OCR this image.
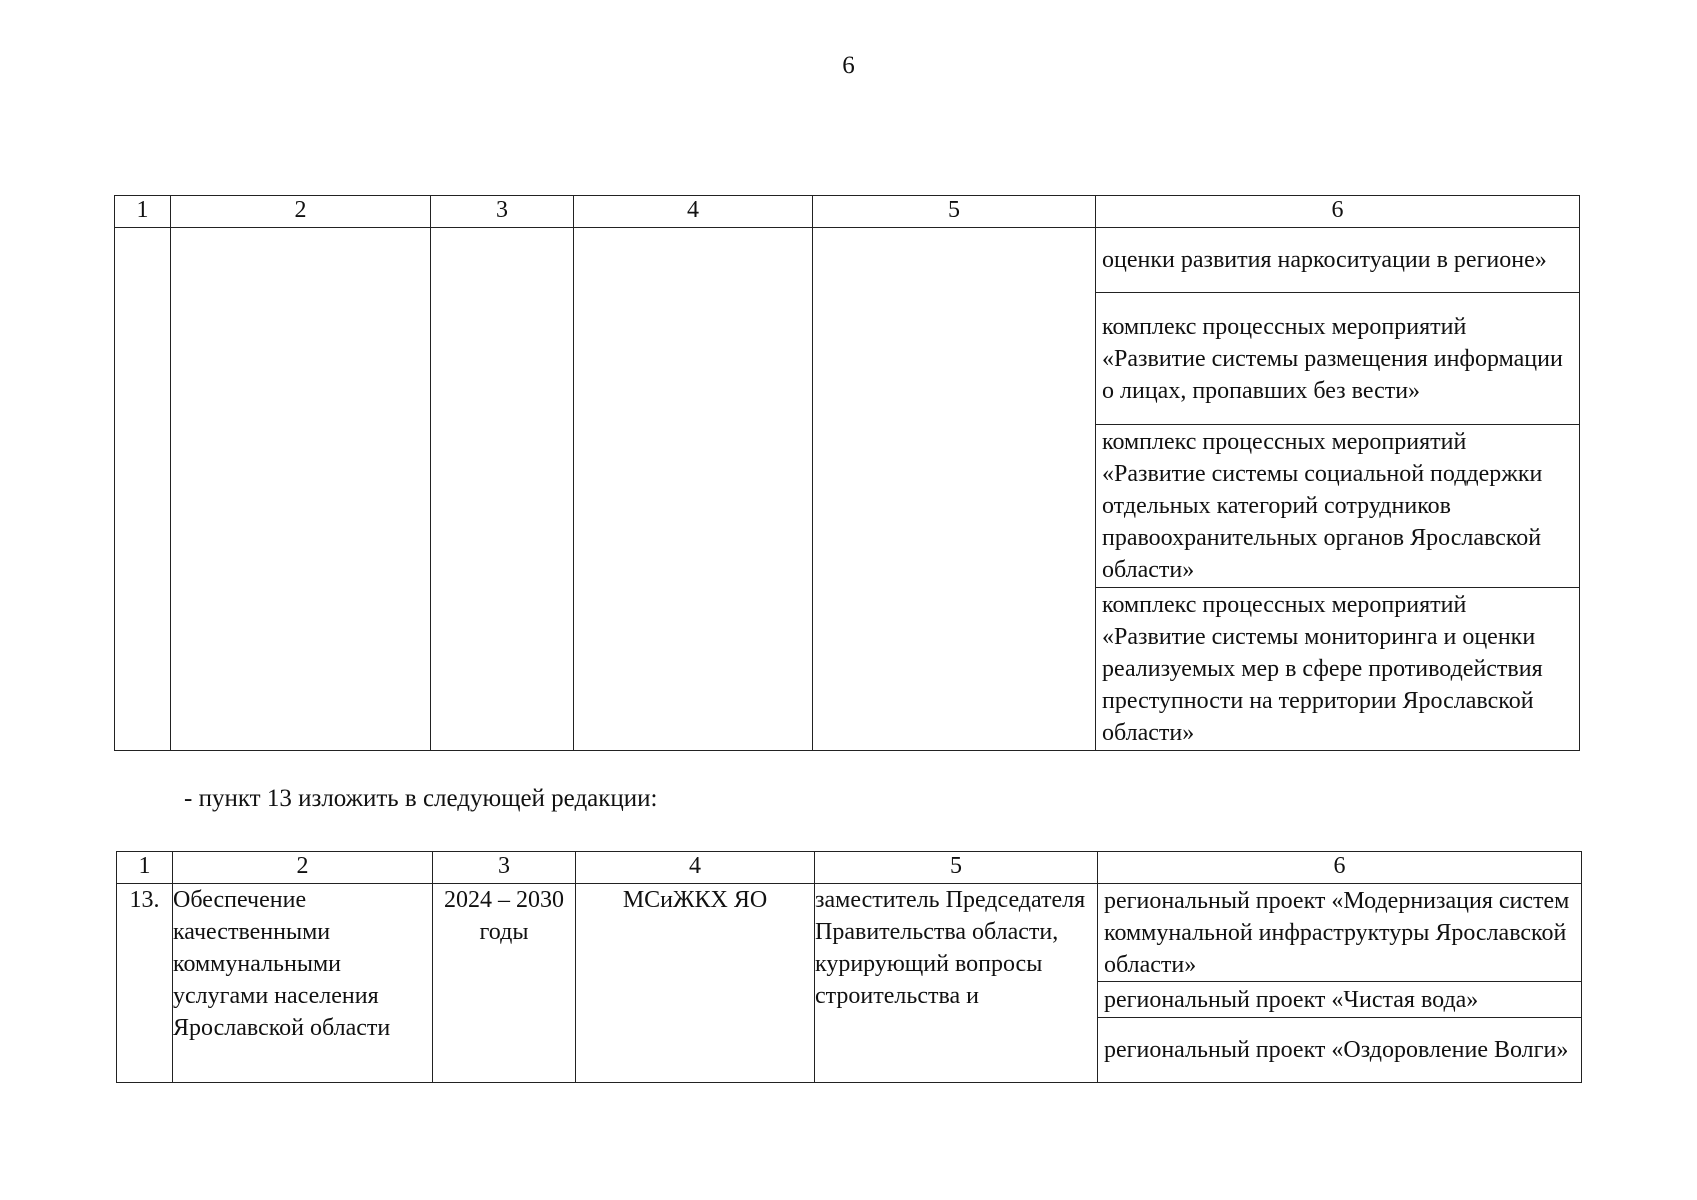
6
1	2	3	4	5	6

оценки развития наркоситуации в регионе»
комплекс процессных мероприятий «Развитие системы размещения информации о лицах, пропавших без вести»
комплекс процессных мероприятий «Развитие системы социальной поддержки отдельных категорий сотрудников правоохранительных органов Ярославской области»
комплекс процессных мероприятий «Развитие системы мониторинга и оценки реализуемых мер в сфере противодействия преступности на территории Ярославской области»
- пункт 13 изложить в следующей редакции:
1	2	3	4	5	6
13.	Обеспечение качественными коммунальными услугами населения Ярославской области	2024 – 2030 годы	МСиЖКХ ЯО	заместитель Председателя Правительства области, курирующий вопросы строительства и	региональный проект «Модернизация систем коммунальной инфраструктуры Ярославской области»
региональный проект «Чистая вода»
региональный проект «Оздоровление Волги»
